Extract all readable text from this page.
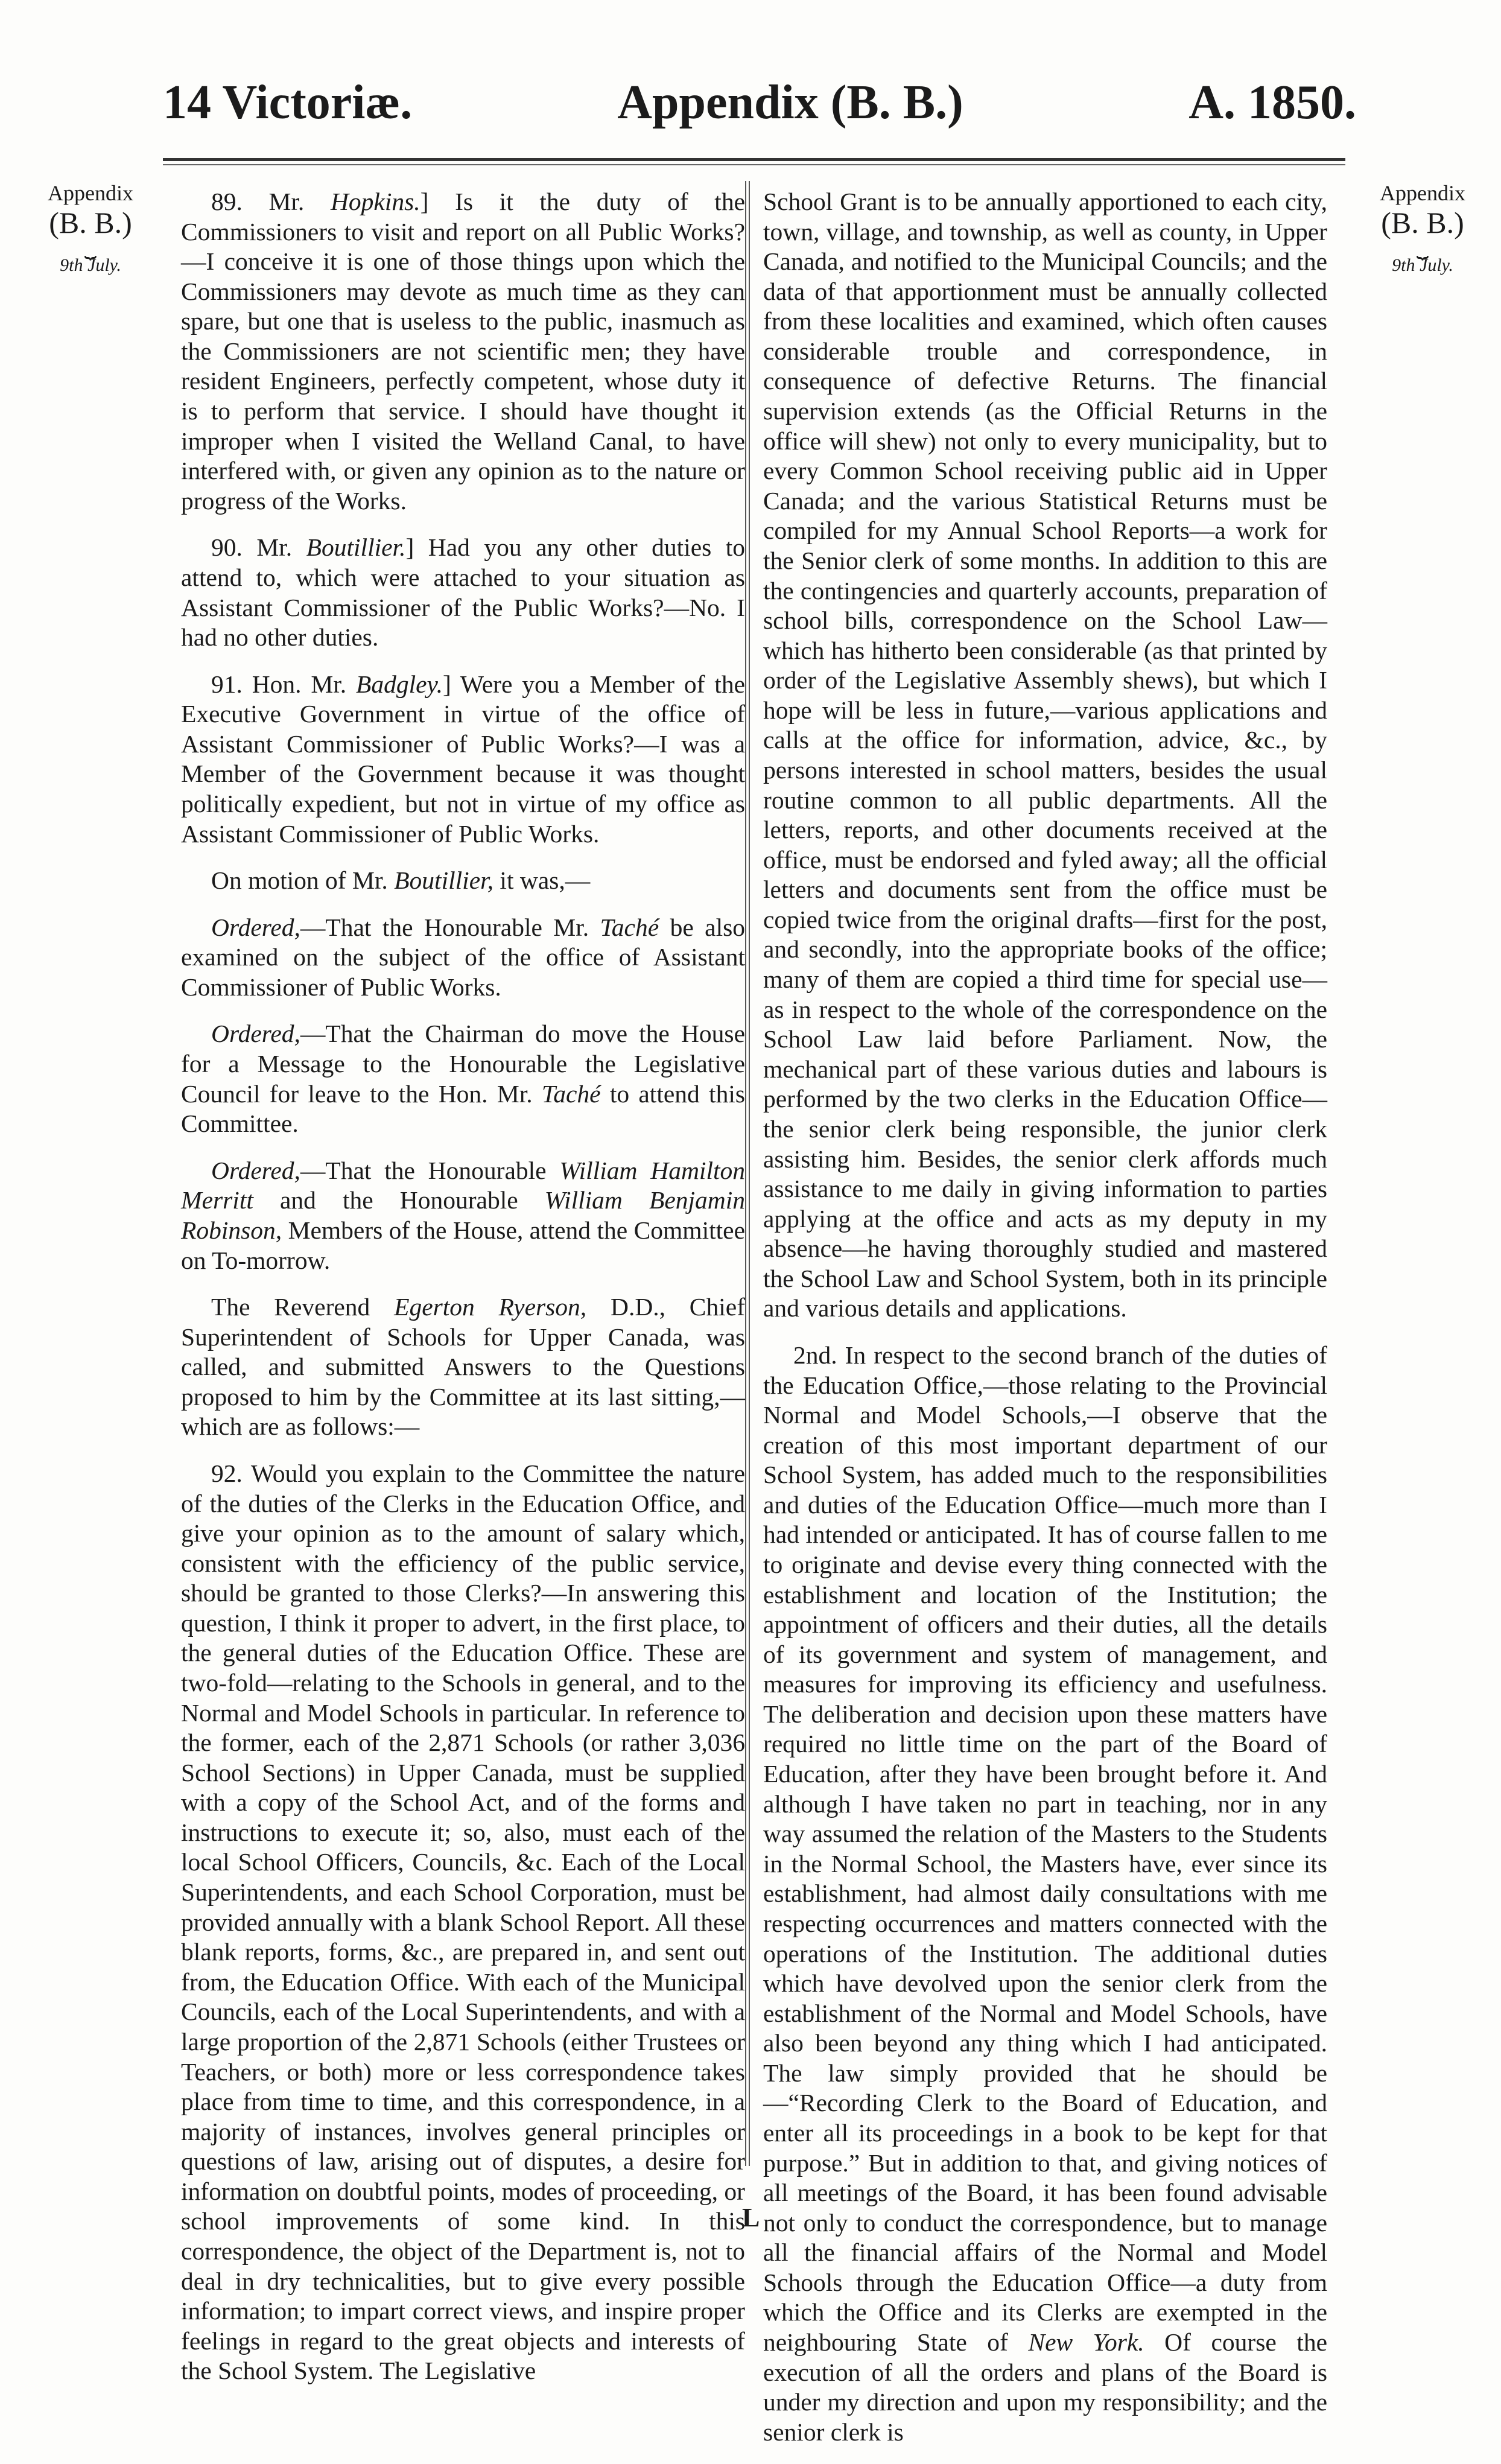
14 Victoriæ.	Appendix (B. B.)	A. 1850.
Appendix
(B. B.)
⏟
9th July.
Appendix
(B. B.)
⏟
9th July.

89. Mr. Hopkins.] Is it the duty of the Commissioners to visit and report on all Public Works?—I conceive it is one of those things upon which the Commissioners may devote as much time as they can spare, but one that is useless to the public, inasmuch as the Commissioners are not scientific men; they have resident Engineers, perfectly competent, whose duty it is to perform that service. I should have thought it improper when I visited the Welland Canal, to have interfered with, or given any opinion as to the nature or progress of the Works.

90. Mr. Boutillier.] Had you any other duties to attend to, which were attached to your situation as Assistant Commissioner of the Public Works?—No. I had no other duties.

91. Hon. Mr. Badgley.] Were you a Member of the Executive Government in virtue of the office of Assistant Commissioner of Public Works?—I was a Member of the Government because it was thought politically expedient, but not in virtue of my office as Assistant Commissioner of Public Works.

On motion of Mr. Boutillier, it was,—

Ordered,—That the Honourable Mr. Taché be also examined on the subject of the office of Assistant Commissioner of Public Works.

Ordered,—That the Chairman do move the House for a Message to the Honourable the Legislative Council for leave to the Hon. Mr. Taché to attend this Committee.

Ordered,—That the Honourable William Hamilton Merritt and the Honourable William Benjamin Robinson, Members of the House, attend the Committee on To-morrow.

The Reverend Egerton Ryerson, D.D., Chief Superintendent of Schools for Upper Canada, was called, and submitted Answers to the Questions proposed to him by the Committee at its last sitting,—which are as follows:—

92. Would you explain to the Committee the nature of the duties of the Clerks in the Education Office, and give your opinion as to the amount of salary which, consistent with the efficiency of the public service, should be granted to those Clerks?—In answering this question, I think it proper to advert, in the first place, to the general duties of the Education Office. These are two-fold—relating to the Schools in general, and to the Normal and Model Schools in particular. In reference to the former, each of the 2,871 Schools (or rather 3,036 School Sections) in Upper Canada, must be supplied with a copy of the School Act, and of the forms and instructions to execute it; so, also, must each of the local School Officers, Councils, &c. Each of the Local Superintendents, and each School Corporation, must be provided annually with a blank School Report. All these blank reports, forms, &c., are prepared in, and sent out from, the Education Office. With each of the Municipal Councils, each of the Local Superintendents, and with a large proportion of the 2,871 Schools (either Trustees or Teachers, or both) more or less correspondence takes place from time to time, and this correspondence, in a majority of instances, involves general principles or questions of law, arising out of disputes, a desire for information on doubtful points, modes of proceeding, or school improvements of some kind. In this correspondence, the object of the Department is, not to deal in dry technicalities, but to give every possible information; to impart correct views, and inspire proper feelings in regard to the great objects and interests of the School System. The Legislative

School Grant is to be annually apportioned to each city, town, village, and township, as well as county, in Upper Canada, and notified to the Municipal Councils; and the data of that apportionment must be annually collected from these localities and examined, which often causes considerable trouble and correspondence, in consequence of defective Returns. The financial supervision extends (as the Official Returns in the office will shew) not only to every municipality, but to every Common School receiving public aid in Upper Canada; and the various Statistical Returns must be compiled for my Annual School Reports—a work for the Senior clerk of some months. In addition to this are the contingencies and quarterly accounts, preparation of school bills, correspondence on the School Law—which has hitherto been considerable (as that printed by order of the Legislative Assembly shews), but which I hope will be less in future,—various applications and calls at the office for information, advice, &c., by persons interested in school matters, besides the usual routine common to all public departments. All the letters, reports, and other documents received at the office, must be endorsed and fyled away; all the official letters and documents sent from the office must be copied twice from the original drafts—first for the post, and secondly, into the appropriate books of the office; many of them are copied a third time for special use—as in respect to the whole of the correspondence on the School Law laid before Parliament. Now, the mechanical part of these various duties and labours is performed by the two clerks in the Education Office—the senior clerk being responsible, the junior clerk assisting him. Besides, the senior clerk affords much assistance to me daily in giving information to parties applying at the office and acts as my deputy in my absence—he having thoroughly studied and mastered the School Law and School System, both in its principle and various details and applications.

2nd. In respect to the second branch of the duties of the Education Office,—those relating to the Provincial Normal and Model Schools,—I observe that the creation of this most important department of our School System, has added much to the responsibilities and duties of the Education Office—much more than I had intended or anticipated. It has of course fallen to me to originate and devise every thing connected with the establishment and location of the Institution; the appointment of officers and their duties, all the details of its government and system of management, and measures for improving its efficiency and usefulness. The deliberation and decision upon these matters have required no little time on the part of the Board of Education, after they have been brought before it. And although I have taken no part in teaching, nor in any way assumed the relation of the Masters to the Students in the Normal School, the Masters have, ever since its establishment, had almost daily consultations with me respecting occurrences and matters connected with the operations of the Institution. The additional duties which have devolved upon the senior clerk from the establishment of the Normal and Model Schools, have also been beyond any thing which I had anticipated. The law simply provided that he should be—“Recording Clerk to the Board of Education, and enter all its proceedings in a book to be kept for that purpose.” But in addition to that, and giving notices of all meetings of the Board, it has been found advisable not only to conduct the correspondence, but to manage all the financial affairs of the Normal and Model Schools through the Education Office—a duty from which the Office and its Clerks are exempted in the neighbouring State of New York. Of course the execution of all the orders and plans of the Board is under my direction and upon my responsibility; and the senior clerk is

L
